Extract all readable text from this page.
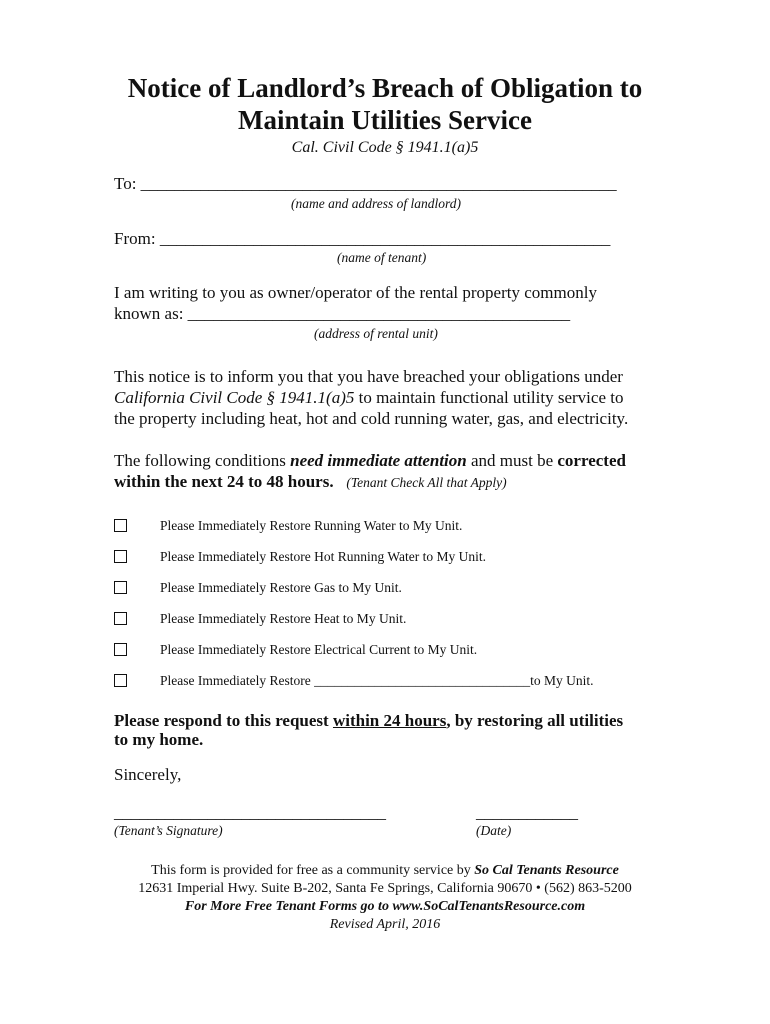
Notice of Landlord’s Breach of Obligation to
Maintain Utilities Service
Cal. Civil Code § 1941.1(a)5
To: ________________________________________________________
(name and address of landlord)
From: _____________________________________________________
(name of tenant)
I am writing to you as owner/operator of the rental property commonly
known as: _____________________________________________
(address of rental unit)
This notice is to inform you that you have breached your obligations under
California Civil Code § 1941.1(a)5 to maintain functional utility service to
the property including heat, hot and cold running water, gas, and electricity.
The following conditions need immediate attention and must be corrected
within the next 24 to 48 hours. (Tenant Check All that Apply)
Please Immediately Restore Running Water to My Unit.
Please Immediately Restore Hot Running Water to My Unit.
Please Immediately Restore Gas to My Unit.
Please Immediately Restore Heat to My Unit.
Please Immediately Restore Electrical Current to My Unit.
Please Immediately Restore ________________________________to My Unit.
Please respond to this request within 24 hours, by restoring all utilities
to my home.
Sincerely,
________________________________
(Tenant’s Signature)
____________
(Date)
This form is provided for free as a community service by So Cal Tenants Resource
12631 Imperial Hwy. Suite B-202, Santa Fe Springs, California 90670 • (562) 863-5200
For More Free Tenant Forms go to www.SoCalTenantsResource.com
Revised April, 2016
